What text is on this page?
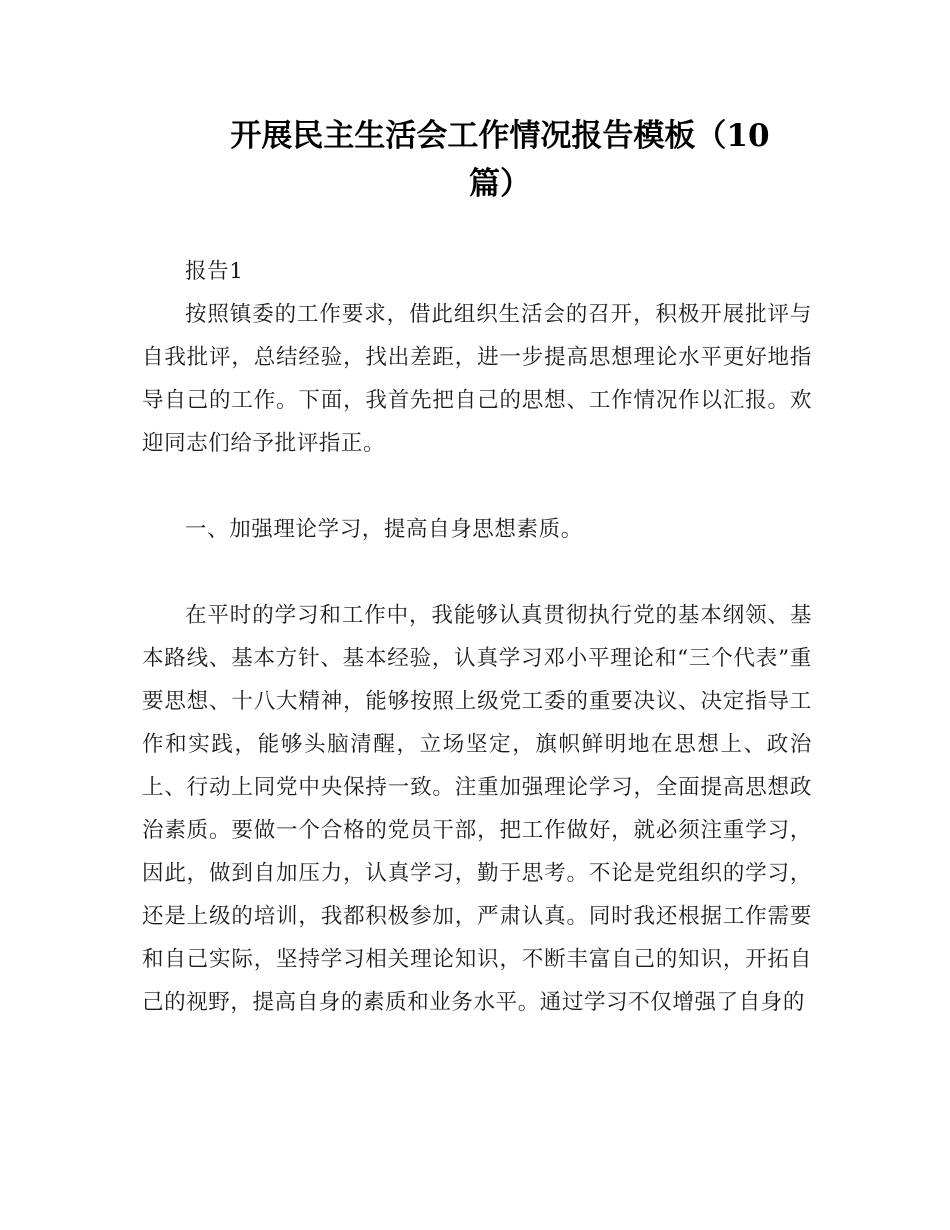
开展民主生活会工作情况报告模板（10
篇）

报告1

按照镇委的工作要求，借此组织生活会的召开，积极开展批评与自我批评，总结经验，找出差距，进一步提高思想理论水平更好地指导自己的工作。下面，我首先把自己的思想、工作情况作以汇报。欢迎同志们给予批评指正。

一、加强理论学习，提高自身思想素质。

在平时的学习和工作中，我能够认真贯彻执行党的基本纲领、基本路线、基本方针、基本经验，认真学习邓小平理论和“三个代表”重要思想、十八大精神，能够按照上级党工委的重要决议、决定指导工作和实践，能够头脑清醒，立场坚定，旗帜鲜明地在思想上、政治上、行动上同党中央保持一致。注重加强理论学习，全面提高思想政治素质。要做一个合格的党员干部，把工作做好，就必须注重学习，因此，做到自加压力，认真学习，勤于思考。不论是党组织的学习，还是上级的培训，我都积极参加，严肃认真。同时我还根据工作需要和自己实际，坚持学习相关理论知识，不断丰富自己的知识，开拓自己的视野，提高自身的素质和业务水平。通过学习不仅增强了自身的
